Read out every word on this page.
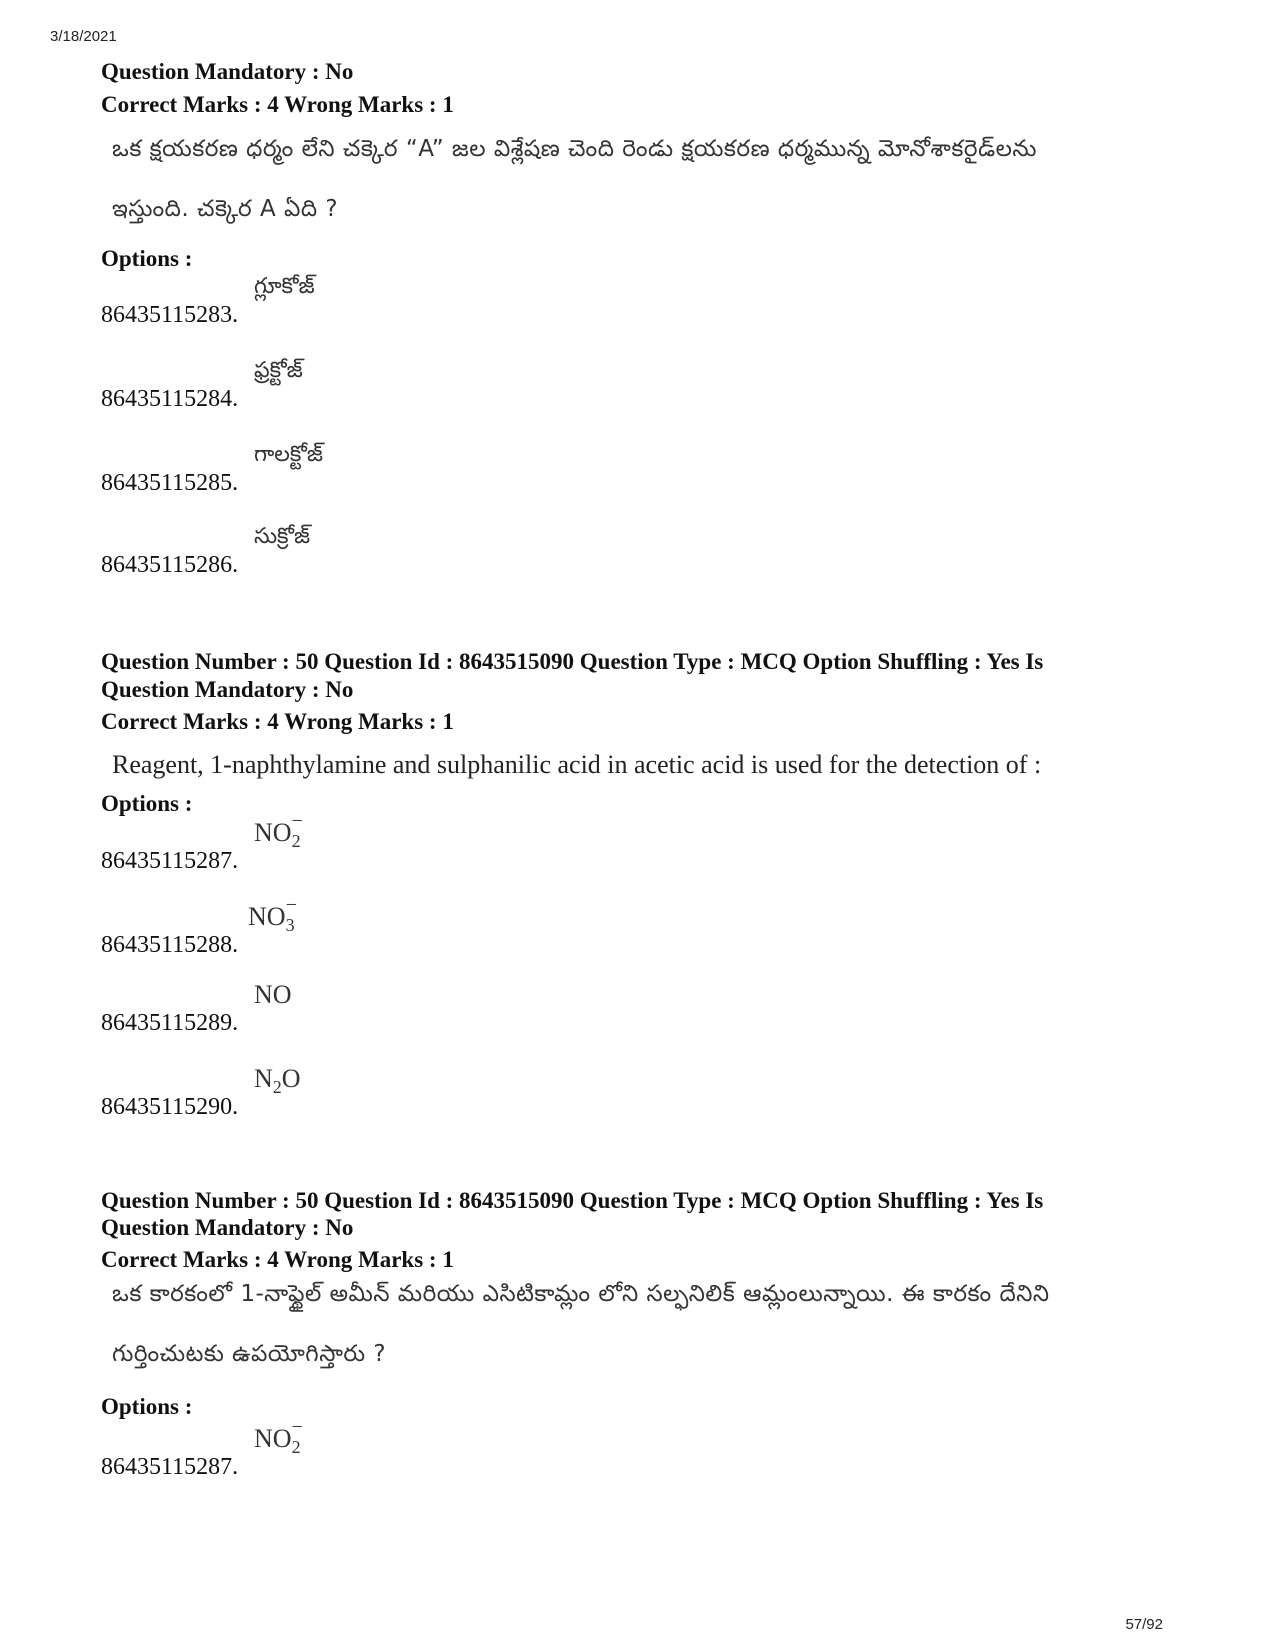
3/18/2021
Question Mandatory : No
Correct Marks : 4 Wrong Marks : 1
ఒక క్షయకరణ ధర్మం లేని చక్కెర “A” జల విశ్లేషణ చెంది రెండు క్షయకరణ ధర్మమున్న మోనోశాకరైడ్‌లను
ఇస్తుంది. చక్కెర A ఏది ?
Options :
86435115283.
గ్లూకోజ్
86435115284.
ఫ్రక్టోజ్
86435115285.
గాలక్టోజ్
86435115286.
సుక్రోజ్
Question Number : 50 Question Id : 8643515090 Question Type : MCQ Option Shuffling : Yes Is
Question Mandatory : No
Correct Marks : 4 Wrong Marks : 1
Reagent, 1-naphthylamine and sulphanilic acid in acetic acid is used for the detection of :
Options :
86435115287.
$NO_2^-$
86435115288.
$NO_3^-$
86435115289.
NO
86435115290.
$N_2O$
Question Number : 50 Question Id : 8643515090 Question Type : MCQ Option Shuffling : Yes Is
Question Mandatory : No
Correct Marks : 4 Wrong Marks : 1
ఒక కారకంలో 1-నాఫ్థైల్ అమీన్ మరియు ఎసిటికామ్లం లోని సల్ఫనిలిక్ ఆమ్లంలున్నాయి. ఈ కారకం దేనిని
గుర్తించుటకు ఉపయోగిస్తారు ?
Options :
86435115287.
$NO_2^-$
57/92
